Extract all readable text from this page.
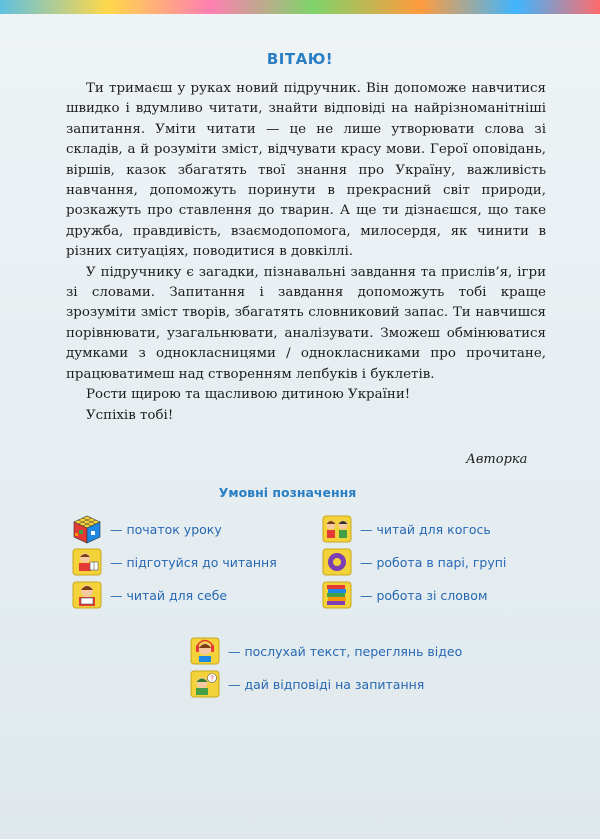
ВІТАЮ!

Ти тримаєш у руках новий підручник. Він допоможе навчитися швидко і вдумливо читати, знайти відповіді на найрізноманітніші запитання. Уміти читати — це не лише утворювати слова зі складів, а й розуміти зміст, відчувати красу мови. Герої оповідань, віршів, казок збагатять твої знання про Україну, важливість навчання, допоможуть поринути в прекрасний світ природи, розкажуть про ставлення до тварин. А ще ти дізнаєшся, що таке дружба, правдивість, взаємодопомога, милосердя, як чинити в різних ситуаціях, поводитися в довкіллі.

У підручнику є загадки, пізнавальні завдання та прислів’я, ігри зі словами. Запитання і завдання допоможуть тобі краще зрозуміти зміст творів, збагатять словниковий запас. Ти навчишся порівнювати, узагальнювати, аналізувати. Зможеш обмінюватися думками з однокласницями / однокласниками про прочитане, працюватимеш над створенням лепбуків і буклетів.

Рости щирою та щасливою дитиною України!

Успіхів тобі!

Авторка
Умовні позначення
— початок уроку
— підготуйся до читання
— читай для себе
— читай для когось
— робота в парі, групі
— робота зі словом
— послухай текст, переглянь відео
? — дай відповіді на запитання
